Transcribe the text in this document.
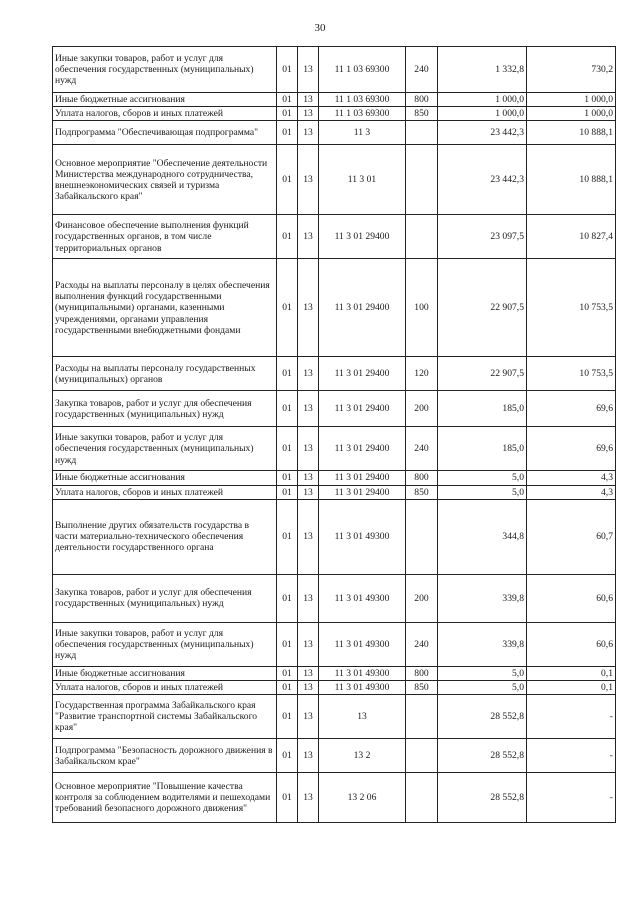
30
Иные закупки товаров, работ и услуг для обеспечения государственных (муниципальных) нужд	01	13	11 1 03 69300	240	1 332,8	730,2
Иные бюджетные ассигнования	01	13	11 1 03 69300	800	1 000,0	1 000,0
Уплата налогов, сборов и иных платежей	01	13	11 1 03 69300	850	1 000,0	1 000,0
Подпрограмма "Обеспечивающая подпрограмма"	01	13	11 3		23 442,3	10 888,1
Основное мероприятие "Обеспечение деятельности Министерства международного сотрудничества, внешнеэкономических связей и туризма Забайкальского края"	01	13	11 3 01		23 442,3	10 888,1
Финансовое обеспечение выполнения функций государственных органов, в том числе территориальных органов	01	13	11 3 01 29400		23 097,5	10 827,4
Расходы на выплаты персоналу в целях обеспечения выполнения функций государственными (муниципальными) органами, казенными учреждениями, органами управления государственными внебюджетными фондами	01	13	11 3 01 29400	100	22 907,5	10 753,5
Расходы на выплаты персоналу государственных (муниципальных) органов	01	13	11 3 01 29400	120	22 907,5	10 753,5
Закупка товаров, работ и услуг для обеспечения государственных (муниципальных) нужд	01	13	11 3 01 29400	200	185,0	69,6
Иные закупки товаров, работ и услуг для обеспечения государственных (муниципальных) нужд	01	13	11 3 01 29400	240	185,0	69,6
Иные бюджетные ассигнования	01	13	11 3 01 29400	800	5,0	4,3
Уплата налогов, сборов и иных платежей	01	13	11 3 01 29400	850	5,0	4,3
Выполнение других обязательств государства в части материально-технического обеспечения деятельности государственного органа	01	13	11 3 01 49300		344,8	60,7
Закупка товаров, работ и услуг для обеспечения государственных (муниципальных) нужд	01	13	11 3 01 49300	200	339,8	60,6
Иные закупки товаров, работ и услуг для обеспечения государственных (муниципальных) нужд	01	13	11 3 01 49300	240	339,8	60,6
Иные бюджетные ассигнования	01	13	11 3 01 49300	800	5,0	0,1
Уплата налогов, сборов и иных платежей	01	13	11 3 01 49300	850	5,0	0,1
Государственная программа Забайкальского края "Развитие транспортной системы Забайкальского края"	01	13	13		28 552,8	-
Подпрограмма "Безопасность дорожного движения в Забайкальском крае"	01	13	13 2		28 552,8	-
Основное мероприятие "Повышение качества контроля за соблюдением водителями и пешеходами требований безопасного дорожного движения"	01	13	13 2 06		28 552,8	-
